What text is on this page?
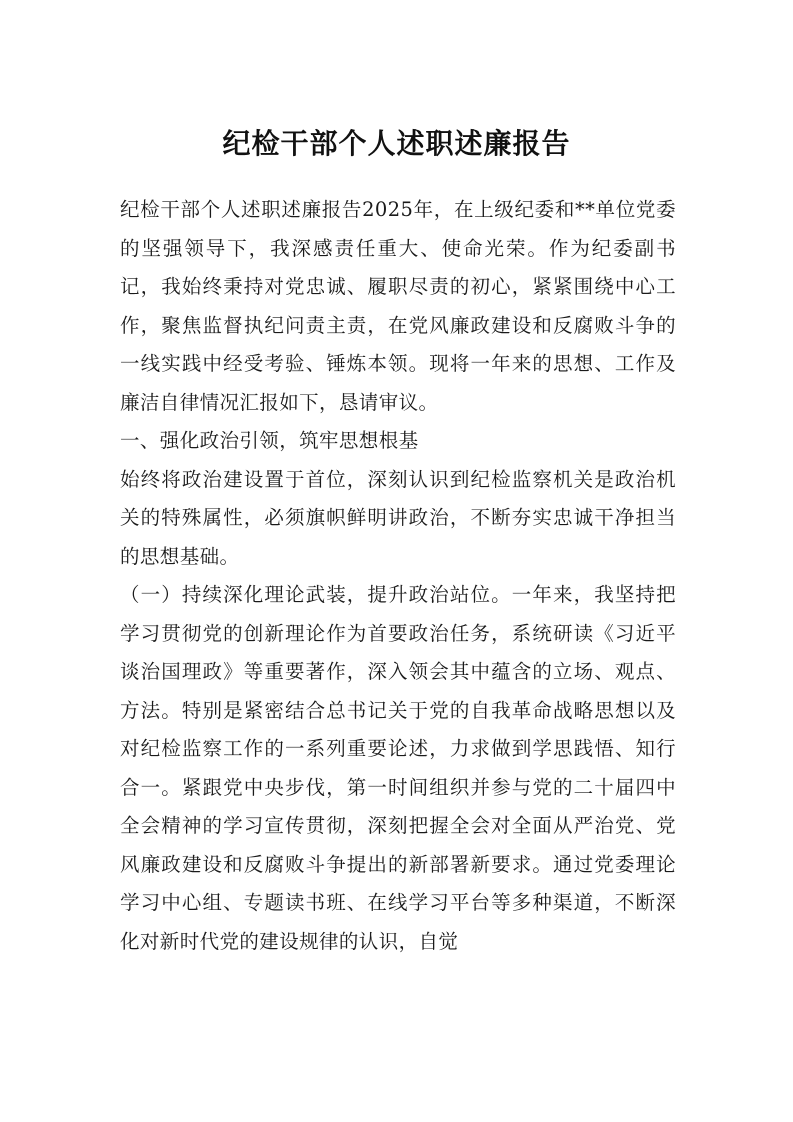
纪检干部个人述职述廉报告

纪检干部个人述职述廉报告2025年，在上级纪委和**单位党委的坚强领导下，我深感责任重大、使命光荣。作为纪委副书记，我始终秉持对党忠诚、履职尽责的初心，紧紧围绕中心工作，聚焦监督执纪问责主责，在党风廉政建设和反腐败斗争的一线实践中经受考验、锤炼本领。现将一年来的思想、工作及廉洁自律情况汇报如下，恳请审议。

一、强化政治引领，筑牢思想根基

始终将政治建设置于首位，深刻认识到纪检监察机关是政治机关的特殊属性，必须旗帜鲜明讲政治，不断夯实忠诚干净担当的思想基础。

（一）持续深化理论武装，提升政治站位。一年来，我坚持把学习贯彻党的创新理论作为首要政治任务，系统研读《习近平谈治国理政》等重要著作，深入领会其中蕴含的立场、观点、方法。特别是紧密结合总书记关于党的自我革命战略思想以及对纪检监察工作的一系列重要论述，力求做到学思践悟、知行合一。紧跟党中央步伐，第一时间组织并参与党的二十届四中全会精神的学习宣传贯彻，深刻把握全会对全面从严治党、党风廉政建设和反腐败斗争提出的新部署新要求。通过党委理论学习中心组、专题读书班、在线学习平台等多种渠道，不断深化对新时代党的建设规律的认识，自觉
